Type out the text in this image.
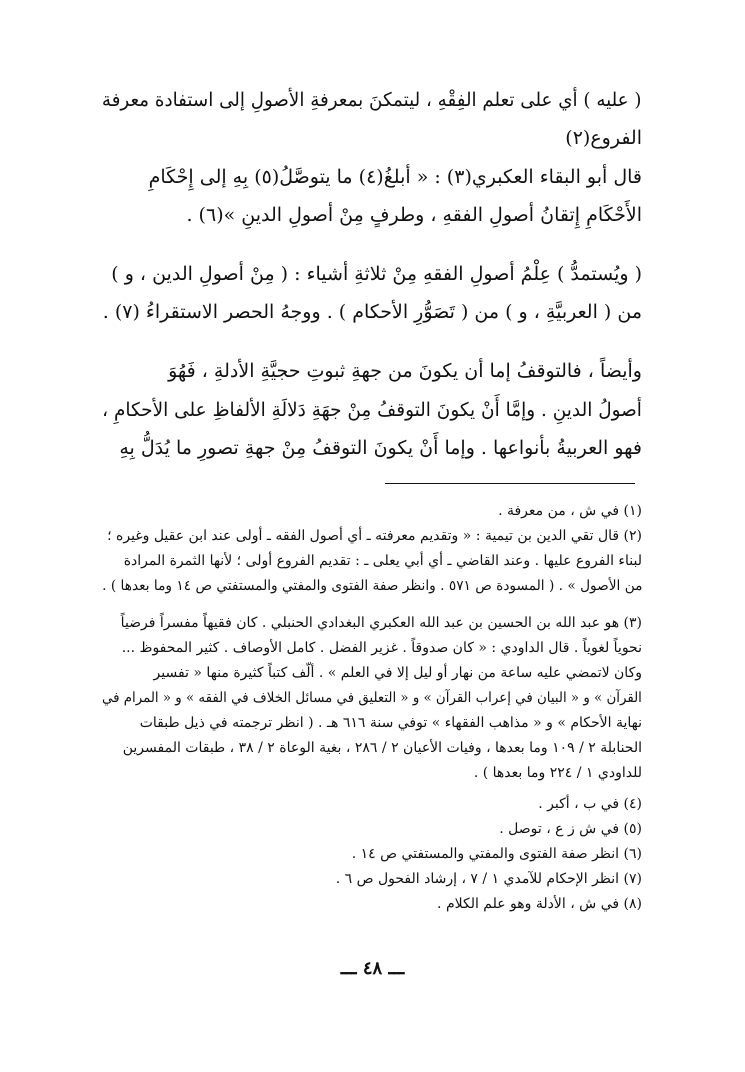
( عليه ) أي على تعلم الفِقْهِ ، ليتمكنَ بمعرفةِ الأصولِ إلى استفادة معرفة
الفروع(٢)
قال أبو البقاء العكبري(٣) : « أبلغُ(٤) ما يتوصَّلُ(٥) بِهِ إلى إِحْكَامِ
الأَحْكَامِ إِتقانُ أصولِ الفقهِ ، وطرفٍ مِنْ أصولِ الدينِ »(٦) .
( ويُستمدُّ ) عِلْمُ أصولِ الفقهِ مِنْ ثلاثةِ أشياء : ( مِنْ أصولِ الدين ، و )
من ( العربيَّةِ ، و ) من ( تَصَوُّرِ الأحكام ) . ووجهُ الحصر الاستقراءُ (٧) .
وأيضاً ، فالتوقفُ إما أن يكونَ من جهةِ ثبوتِ حجيَّةِ الأدلةِ ، فَهُوَ
أصولُ الدينِ . وإمَّا أَنْ يكونَ التوقفُ مِنْ جهَةِ دَلالَةِ الألفاظِ على الأحكامِ ،
فهو العربيةُ بأنواعها . وإما أَنْ يكونَ التوقفُ مِنْ جهةِ تصورِ ما يُدَلُّ بِهِ
(١) في ش ، من معرفة .
(٢) قال تقي الدين بن تيمية : « وتقديم معرفته ـ أي أصول الفقه ـ أولى عند ابن عقيل وغيره ؛
لبناء الفروع عليها . وعند القاضي ـ أي أبي يعلى ـ : تقديم الفروع أولى ؛ لأنها الثمرة المرادة
من الأصول » . ( المسودة ص ٥٧١ . وانظر صفة الفتوى والمفتي والمستفتي ص ١٤ وما بعدها ) .
(٣) هو عبد الله بن الحسين بن عبد الله العكبري البغدادي الحنبلي . كان فقيهاً مفسراً فرضياً
نحوياً لغوياً . قال الداودي : « كان صدوقاً . غزير الفضل . كامل الأوصاف . كثير المحفوظ ...
وكان لاتمضي عليه ساعة من نهار أو ليل إلا في العلم » . ألّف كتباً كثيرة منها « تفسير
القرآن » و « البيان في إعراب القرآن » و « التعليق في مسائل الخلاف في الفقه » و « المرام في
نهاية الأحكام » و « مذاهب الفقهاء » توفي سنة ٦١٦ هـ . ( انظر ترجمته في ذيل طبقات
الحنابلة ٢ / ١٠٩ وما بعدها ، وفيات الأعيان ٢ / ٢٨٦ ، بغية الوعاة ٢ / ٣٨ ، طبقات المفسرين
للداودي ١ / ٢٢٤ وما بعدها ) .
(٤) في ب ، أكبر .
(٥) في ش ز ع ، توصل .
(٦) انظر صفة الفتوى والمفتي والمستفتي ص ١٤ .
(٧) انظر الإحكام للآمدي ١ / ٧ ، إرشاد الفحول ص ٦ .
(٨) في ش ، الأدلة وهو علم الكلام .
ـــ ٤٨ ـــ
